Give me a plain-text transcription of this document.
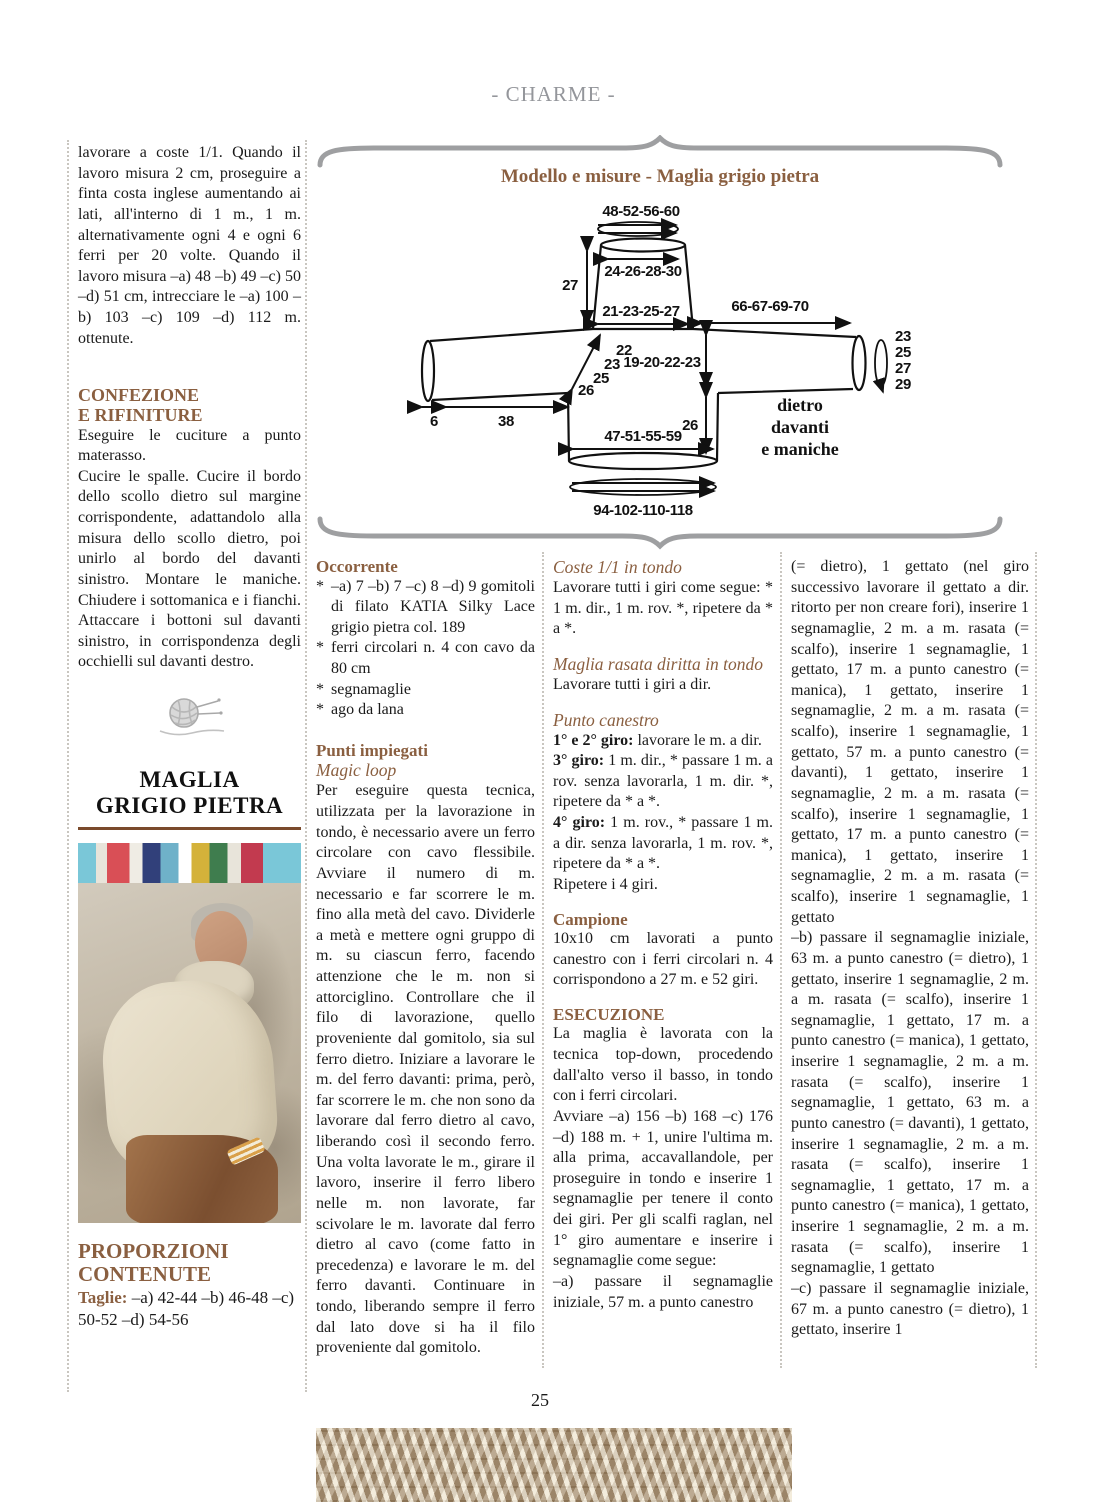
- CHARME -

lavorare a coste 1/1. Quando il lavoro misura 2 cm, proseguire a finta costa inglese aumentando ai lati, all'interno di 1 m., 1 m. alternativamente ogni 4 e ogni 6 ferri per 20 volte. Quando il lavoro misura –a) 48 –b) 49 –c) 50 –d) 51 cm, intrecciare le –a) 100 –b) 103 –c) 109 –d) 112 m. ottenute.

CONFEZIONE
E RIFINITURE

Eseguire le cuciture a punto materasso.

Cucire le spalle. Cucire il bordo dello scollo dietro sul margine corrispondente, adattandolo alla misura dello scollo dietro, poi unirlo al bordo del davanti sinistro. Montare le maniche. Chiudere i sottomanica e i fianchi. Attaccare i bottoni sul davanti sinistro, in corrispondenza degli occhielli sul davanti destro.

MAGLIA
GRIGIO PIETRA
PROPORZIONI
CONTENUTE

Taglie: –a) 42-44 –b) 46-48 –c) 50-52 –d) 54-56

Modello e misure - Maglia grigio pietra
48-52-56-60
24-26-28-30
27
21-23-25-27	66-67-69-70
22
23
25
26
19-20-22-23
26
23
25
27
29
6	38
47-51-55-59
94-102-110-118
dietro
davanti
e maniche
Occorrente
* –a) 7 –b) 7 –c) 8 –d) 9 gomitoli di filato KATIA Silky Lace grigio pietra col. 189
* ferri circolari n. 4 con cavo da 80 cm
* segnamaglie
* ago da lana
Punti impiegati
Magic loop

Per eseguire questa tecnica, utilizzata per la lavorazione in tondo, è necessario avere un ferro circolare con cavo flessibile. Avviare il numero di m. necessario e far scorrere le m. fino alla metà del cavo. Dividerle a metà e mettere ogni gruppo di m. su ciascun ferro, facendo attenzione che le m. non si attorciglino. Controllare che il filo di lavorazione, quello proveniente dal gomitolo, sia sul ferro dietro. Iniziare a lavorare le m. del ferro davanti: prima, però, far scorrere le m. che non sono da lavorare dal ferro dietro al cavo, liberando così il secondo ferro. Una volta lavorate le m., girare il lavoro, inserire il ferro libero nelle m. non lavorate, far scivolare le m. lavorate dal ferro dietro al cavo (come fatto in precedenza) e lavorare le m. del ferro davanti. Continuare in tondo, liberando sempre il ferro dal lato dove si ha il filo proveniente dal gomitolo.

Coste 1/1 in tondo

Lavorare tutti i giri come segue: * 1 m. dir., 1 m. rov. *, ripetere da * a *.

Maglia rasata diritta in tondo

Lavorare tutti i giri a dir.

Punto canestro

1° e 2° giro: lavorare le m. a dir.

3° giro: 1 m. dir., * passare 1 m. a rov. senza lavorarla, 1 m. dir. *, ripetere da * a *.

4° giro: 1 m. rov., * passare 1 m. a dir. senza lavorarla, 1 m. rov. *, ripetere da * a *.

Ripetere i 4 giri.

Campione

10x10 cm lavorati a punto canestro con i ferri circolari n. 4 corrispondono a 27 m. e 52 giri.

ESECUZIONE

La maglia è lavorata con la tecnica top-down, procedendo dall'alto verso il basso, in tondo con i ferri circolari.

Avviare –a) 156 –b) 168 –c) 176 –d) 188 m. + 1, unire l'ultima m. alla prima, accavallandole, per proseguire in tondo e inserire 1 segnamaglie per tenere il conto dei giri. Per gli scalfi raglan, nel 1° giro aumentare e inserire i segnamaglie come segue:

–a) passare il segnamaglie iniziale, 57 m. a punto canestro

(= dietro), 1 gettato (nel giro successivo lavorare il gettato a dir. ritorto per non creare fori), inserire 1 segnamaglie, 2 m. a m. rasata (= scalfo), inserire 1 segnamaglie, 1 gettato, 17 m. a punto canestro (= manica), 1 gettato, inserire 1 segnamaglie, 2 m. a m. rasata (= scalfo), inserire 1 segnamaglie, 1 gettato, 57 m. a punto canestro (= davanti), 1 gettato, inserire 1 segnamaglie, 2 m. a m. rasata (= scalfo), inserire 1 segnamaglie, 1 gettato, 17 m. a punto canestro (= manica), 1 gettato, inserire 1 segnamaglie, 2 m. a m. rasata (= scalfo), inserire 1 segnamaglie, 1 gettato

–b) passare il segnamaglie iniziale, 63 m. a punto canestro (= dietro), 1 gettato, inserire 1 segnamaglie, 2 m. a m. rasata (= scalfo), inserire 1 segnamaglie, 1 gettato, 17 m. a punto canestro (= manica), 1 gettato, inserire 1 segnamaglie, 2 m. a m. rasata (= scalfo), inserire 1 segnamaglie, 1 gettato, 63 m. a punto canestro (= davanti), 1 gettato, inserire 1 segnamaglie, 2 m. a m. rasata (= scalfo), inserire 1 segnamaglie, 1 gettato, 17 m. a punto canestro (= manica), 1 gettato, inserire 1 segnamaglie, 2 m. a m. rasata (= scalfo), inserire 1 segnamaglie, 1 gettato

–c) passare il segnamaglie iniziale, 67 m. a punto canestro (= dietro), 1 gettato, inserire 1

25
